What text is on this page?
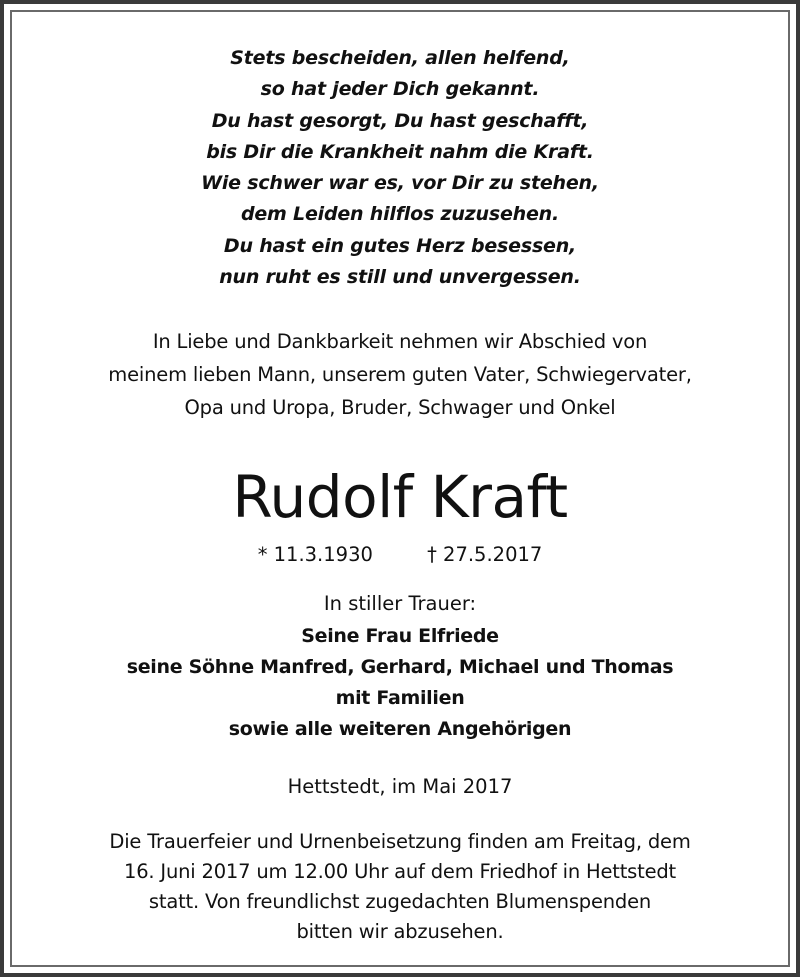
Stets bescheiden, allen helfend,
so hat jeder Dich gekannt.
Du hast gesorgt, Du hast geschafft,
bis Dir die Krankheit nahm die Kraft.
Wie schwer war es, vor Dir zu stehen,
dem Leiden hilflos zuzusehen.
Du hast ein gutes Herz besessen,
nun ruht es still und unvergessen.
In Liebe und Dankbarkeit nehmen wir Abschied von
meinem lieben Mann, unserem guten Vater, Schwiegervater,
Opa und Uropa, Bruder, Schwager und Onkel
Rudolf Kraft
* 11.3.1930	† 27.5.2017
In stiller Trauer:
Seine Frau Elfriede
seine Söhne Manfred, Gerhard, Michael und Thomas
mit Familien
sowie alle weiteren Angehörigen
Hettstedt, im Mai 2017
Die Trauerfeier und Urnenbeisetzung finden am Freitag, dem
16. Juni 2017 um 12.00 Uhr auf dem Friedhof in Hettstedt
statt. Von freundlichst zugedachten Blumenspenden
bitten wir abzusehen.
